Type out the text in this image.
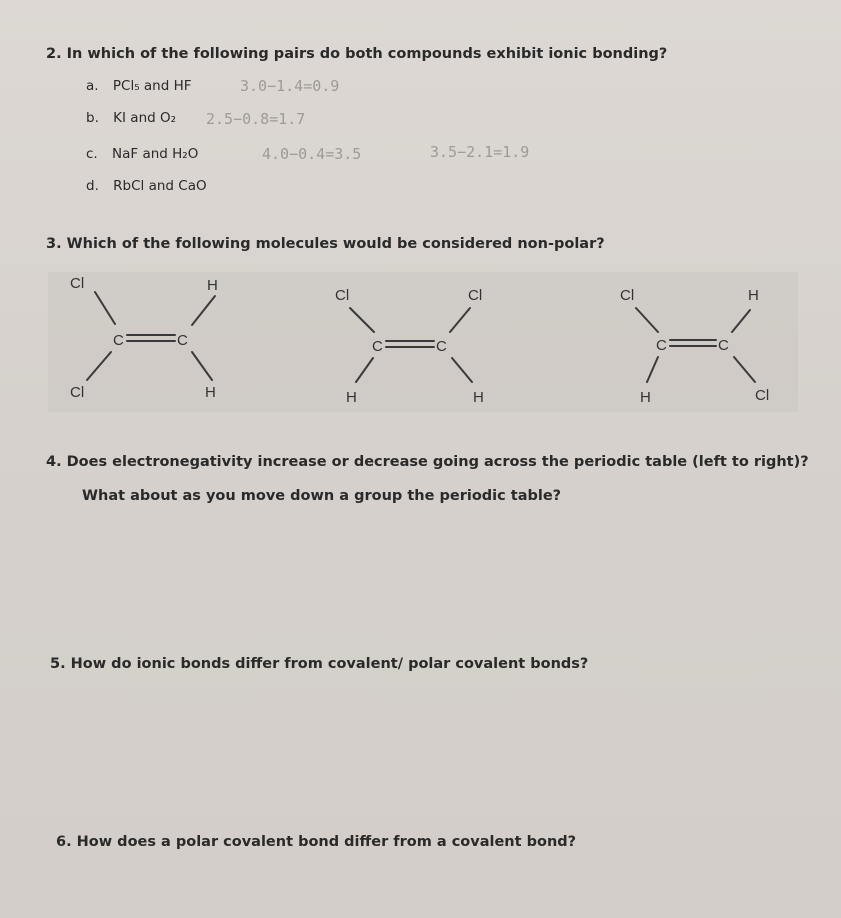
2. In which of the following pairs do both compounds exhibit ionic bonding?
a. PCl₅ and HF	3.0−1.4=0.9
b. KI and O₂ 2.5−0.8=1.7
c. NaF and H₂O	4.0−0.4=3.5	3.5−2.1=1.9
d. RbCl and CaO
3. Which of the following molecules would be considered non-polar?
Cl	H
C	C
Cl	H
Cl	Cl
C	C
H	H
Cl	H
C	C
H	Cl
4. Does electronegativity increase or decrease going across the periodic table (left to right)?
What about as you move down a group the periodic table?
5. How do ionic bonds differ from covalent/ polar covalent bonds?
6. How does a polar covalent bond differ from a covalent bond?
